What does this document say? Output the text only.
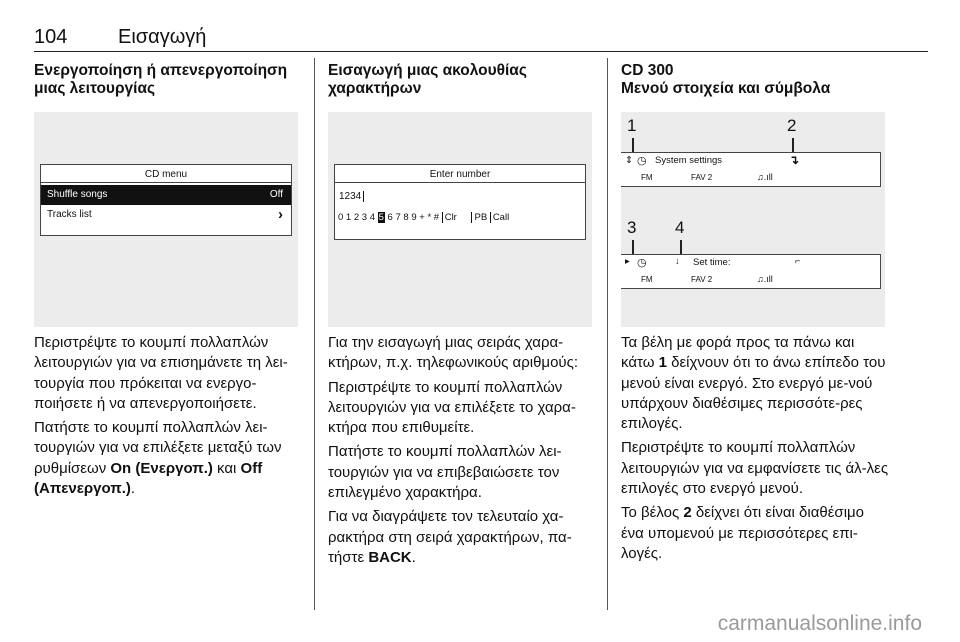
104	Εισαγωγή
Ενεργοποίηση ή απενεργοποίηση μιας λειτουργίας
CD menu
Shuffle songs	Off
Tracks list	›

Περιστρέψτε το κουμπί πολλαπλών λειτουργιών για να επισημάνετε τη λει-τουργία που πρόκειται να ενεργο-ποιήσετε ή να απενεργοποιήσετε.

Πατήστε το κουμπί πολλαπλών λει-τουργιών για να επιλέξετε μεταξύ των ρυθμίσεων On (Ενεργοπ.) και Off (Απενεργοπ.).

Εισαγωγή μιας ακολουθίας χαρακτήρων
Enter number
1234
0 1 2 3 4 5 6 7 8 9 + * # Clr PB Call

Για την εισαγωγή μιας σειράς χαρα-κτήρων, π.χ. τηλεφωνικούς αριθμούς:

Περιστρέψτε το κουμπί πολλαπλών λειτουργιών για να επιλέξετε το χαρα-κτήρα που επιθυμείτε.

Πατήστε το κουμπί πολλαπλών λει-τουργιών για να επιβεβαιώσετε τον επιλεγμένο χαρακτήρα.

Για να διαγράψετε τον τελευταίο χα-ρακτήρα στη σειρά χαρακτήρων, πα-τήστε BACK.

CD 300
Μενού στοιχεία και σύμβολα
1	2
⇕ ◷ System settings	↴
FM	FAV 2	♫.ıll
3 4
▸ ◷	↓ Set time:	⌐
FM	FAV 2	♫.ıll

Τα βέλη με φορά προς τα πάνω και κάτω 1 δείχνουν ότι το άνω επίπεδο του μενού είναι ενεργό. Στο ενεργό με-νού υπάρχουν διαθέσιμες περισσότε-ρες επιλογές.

Περιστρέψτε το κουμπί πολλαπλών λειτουργιών για να εμφανίσετε τις άλ-λες επιλογές στο ενεργό μενού.

Το βέλος 2 δείχνει ότι είναι διαθέσιμο ένα υπομενού με περισσότερες επι-λογές.

carmanualsonline.info
